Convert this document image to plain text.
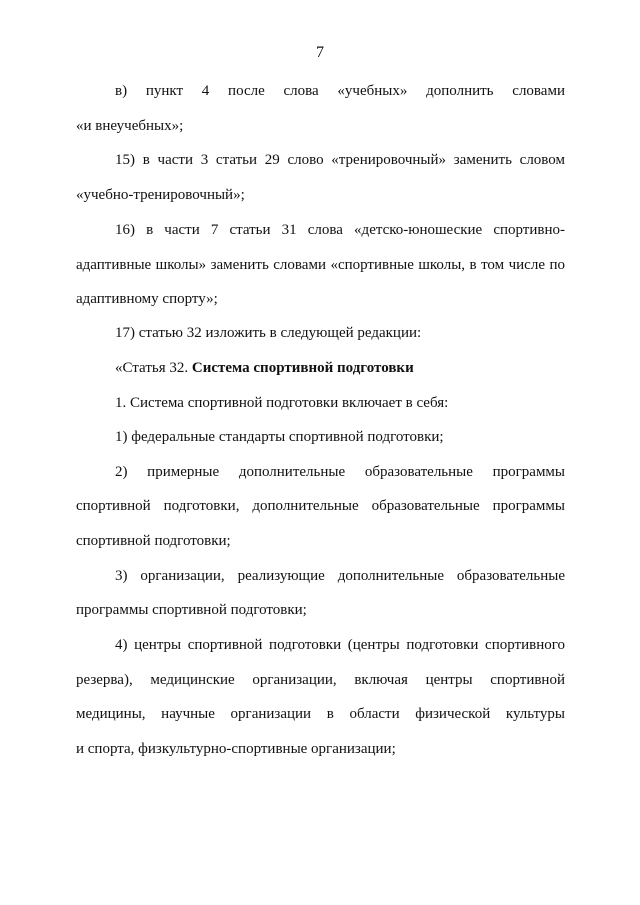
7
в) пункт 4 после слова «учебных» дополнить словами
«и внеучебных»;
15) в части 3 статьи 29 слово «тренировочный» заменить словом
«учебно-тренировочный»;
16) в части 7 статьи 31 слова «детско-юношеские спортивно-
адаптивные школы» заменить словами «спортивные школы, в том числе по
адаптивному спорту»;
17) статью 32 изложить в следующей редакции:
«Статья 32. Система спортивной подготовки
1. Система спортивной подготовки включает в себя:
1) федеральные стандарты спортивной подготовки;
2) примерные дополнительные образовательные программы
спортивной подготовки, дополнительные образовательные программы
спортивной подготовки;
3) организации, реализующие дополнительные образовательные
программы спортивной подготовки;
4) центры спортивной подготовки (центры подготовки спортивного
резерва), медицинские организации, включая центры спортивной
медицины, научные организации в области физической культуры
и спорта, физкультурно-спортивные организации;
